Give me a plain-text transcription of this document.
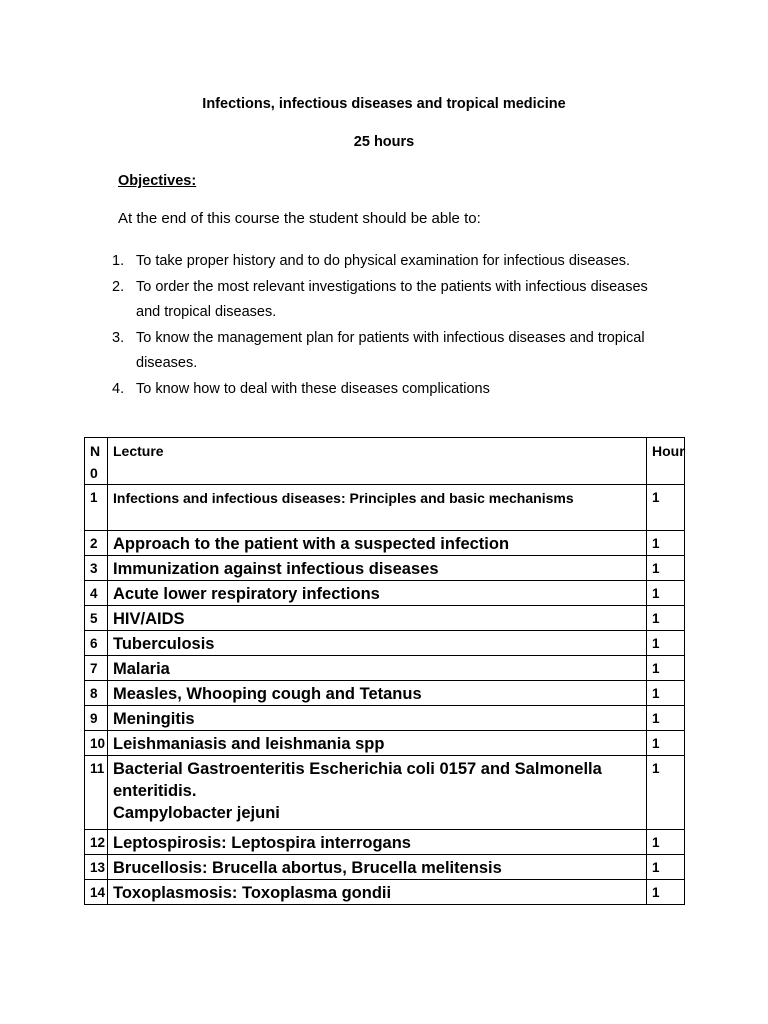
Infections, infectious diseases and tropical medicine
25 hours
Objectives:
At the end of this course the student should be able to:
1. To take proper history and to do physical examination for infectious diseases.
2. To order the most relevant investigations to the patients with infectious diseases and tropical diseases.
3. To know the management plan for patients with infectious diseases and tropical diseases.
4. To know how to deal with these diseases complications
N 0	Lecture	Hour
1	Infections and infectious diseases: Principles and basic mechanisms	1
2	Approach to the patient with a suspected infection	1
3	Immunization against infectious diseases	1
4	Acute lower respiratory infections	1
5	HIV/AIDS	1
6	Tuberculosis	1
7	Malaria	1
8	Measles, Whooping cough and Tetanus	1
9	Meningitis	1
10	Leishmaniasis and leishmania spp	1
11	Bacterial Gastroenteritis Escherichia coli 0157 and Salmonella enteritidis.
Campylobacter jejuni	1
12	Leptospirosis: Leptospira interrogans	1
13	Brucellosis: Brucella abortus, Brucella melitensis	1
14	Toxoplasmosis: Toxoplasma gondii	1
